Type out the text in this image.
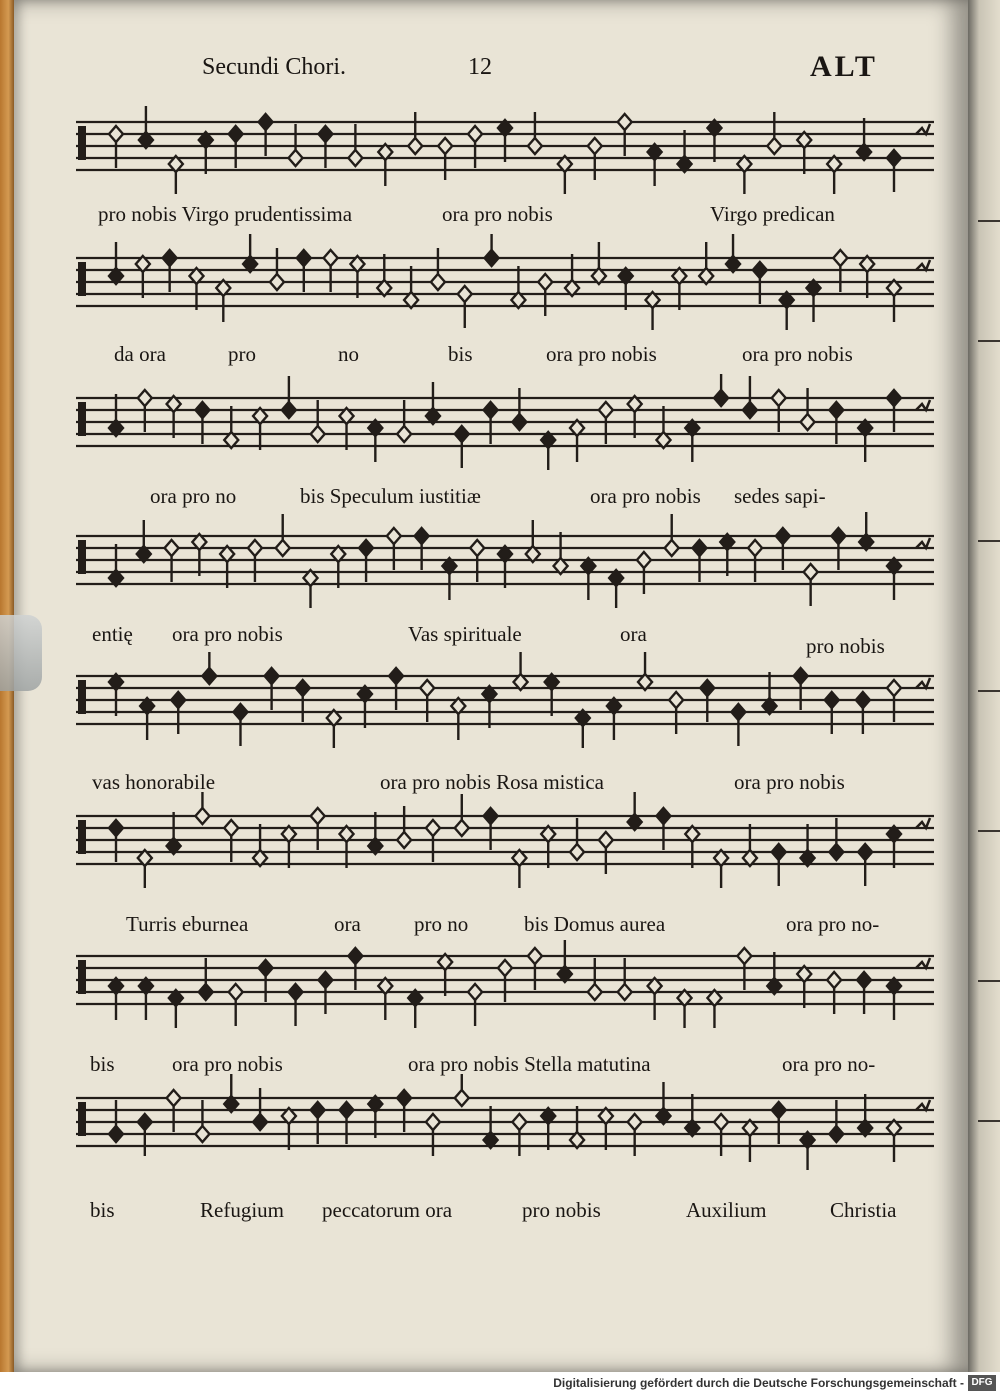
Secundi Chori.	12	ALT
pro nobis Virgo prudentissima	ora pro nobis	Virgo predican
da ora	pro	no	bis	ora pro nobis	ora pro nobis
ora pro no	bis Speculum iustitiæ	ora pro nobis sedes sapi-
entię ora pro nobis	Vas spirituale	ora	pro nobis
vas honorabile	ora pro nobis Rosa mistica	ora pro nobis
Turris eburnea	ora	pro no	bis Domus aurea	ora pro no-
bis	ora pro nobis	ora pro nobis Stella matutina	ora pro no-
bis	Refugium peccatorum ora	pro nobis	Auxilium	Christia
Digitalisierung gefördert durch die Deutsche Forschungsgemeinschaft - DFG
